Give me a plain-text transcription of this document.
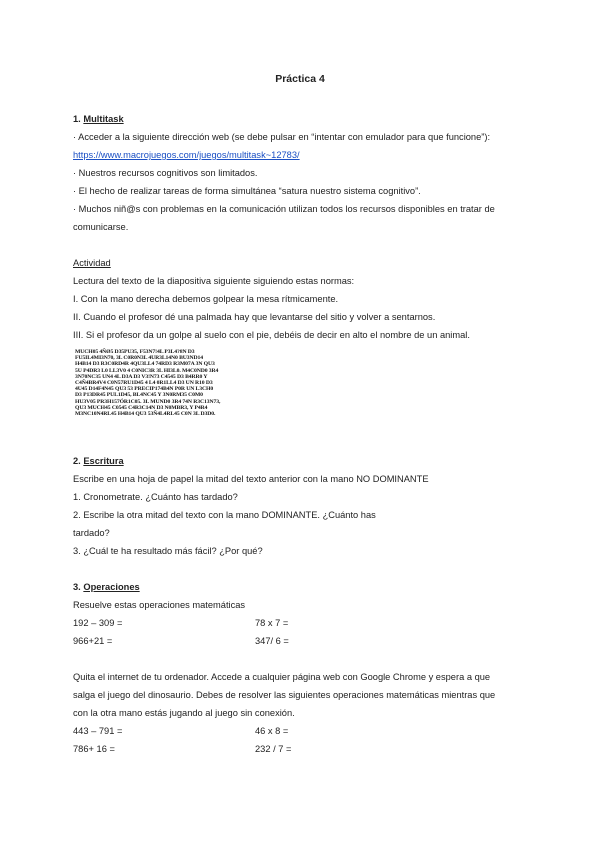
Práctica 4
1. Multitask
· Acceder a la siguiente dirección web (se debe pulsar en “intentar con emulador para que funcione”):
https://www.macrojuegos.com/juegos/multitask~12783/
· Nuestros recursos cognitivos son limitados.
· El hecho de realizar tareas de forma simultánea “satura nuestro sistema cognitivo”.
· Muchos niñ@s con problemas en la comunicación utilizan todos los recursos disponibles en tratar de
comunicarse.
Actividad
Lectura del texto de la diapositiva siguiente siguiendo estas normas:
I. Con la mano derecha debemos golpear la mesa rítmicamente.
II. Cuando el profesor dé una palmada hay que levantarse del sitio y volver a sentarnos.
III. Si el profesor da un golpe al suelo con el pie, debéis de decir en alto el nombre de un animal.
MUCH05 4ÑØ5 D35PU35, F53N7!4L P3L4?8N D3
FU5IL4MI3N70, 3L C0R0N3L 4UR3L14N0 BU3ND14
H4B14 D3 R3C0RD4R 4QU3LL4 74RD3 R3M07A 3N QU3
5U P4DR3 L0 LL3V0 4 C0NIC3R 3L HI3L0. M4C0ND0 3R4
3N70NC35 UN4 4L D3A D3 V3!N73 C4545 D3 B4RR0 Y
C4Ñ4BR4V4 C0N57RU1D45 4 L4 0R1LL4 D3 UN R10 D3
4U45 D14F4N45 QU3 53 PRECIP174B4N P0R UN L3CH0
D3 P13DR45 PUL1D45, BL4NC45 Y 3N0RM35 C0M0
HU3V05 PR3H157ÓR1C05. 3L MUND0 3R4 74N R3C13N73,
QU3 MUCH45 C0545 C4R3C14N D3 N0MBR3, Y P4R4
M3NC10N4RL45 H4B14 QU3 53Ñ4L4RL45 C0N 3L D3D0.
2. Escritura
Escribe en una hoja de papel la mitad del texto anterior con la mano NO DOMINANTE
1. Cronometrate. ¿Cuánto has tardado?
2. Escribe la otra mitad del texto con la mano DOMINANTE. ¿Cuánto has
tardado?
3. ¿Cuál te ha resultado más fácil? ¿Por qué?
3. Operaciones
Resuelve estas operaciones matemáticas
192 – 309 =	78 x 7 =
966+21 =	347/ 6 =
Quita el internet de tu ordenador. Accede a cualquier página web con Google Chrome y espera a que
salga el juego del dinosaurio. Debes de resolver las siguientes operaciones matemáticas mientras que
con la otra mano estás jugando al juego sin conexión.
443 – 791 =	46 x 8 =
786+ 16 =	232 / 7 =
